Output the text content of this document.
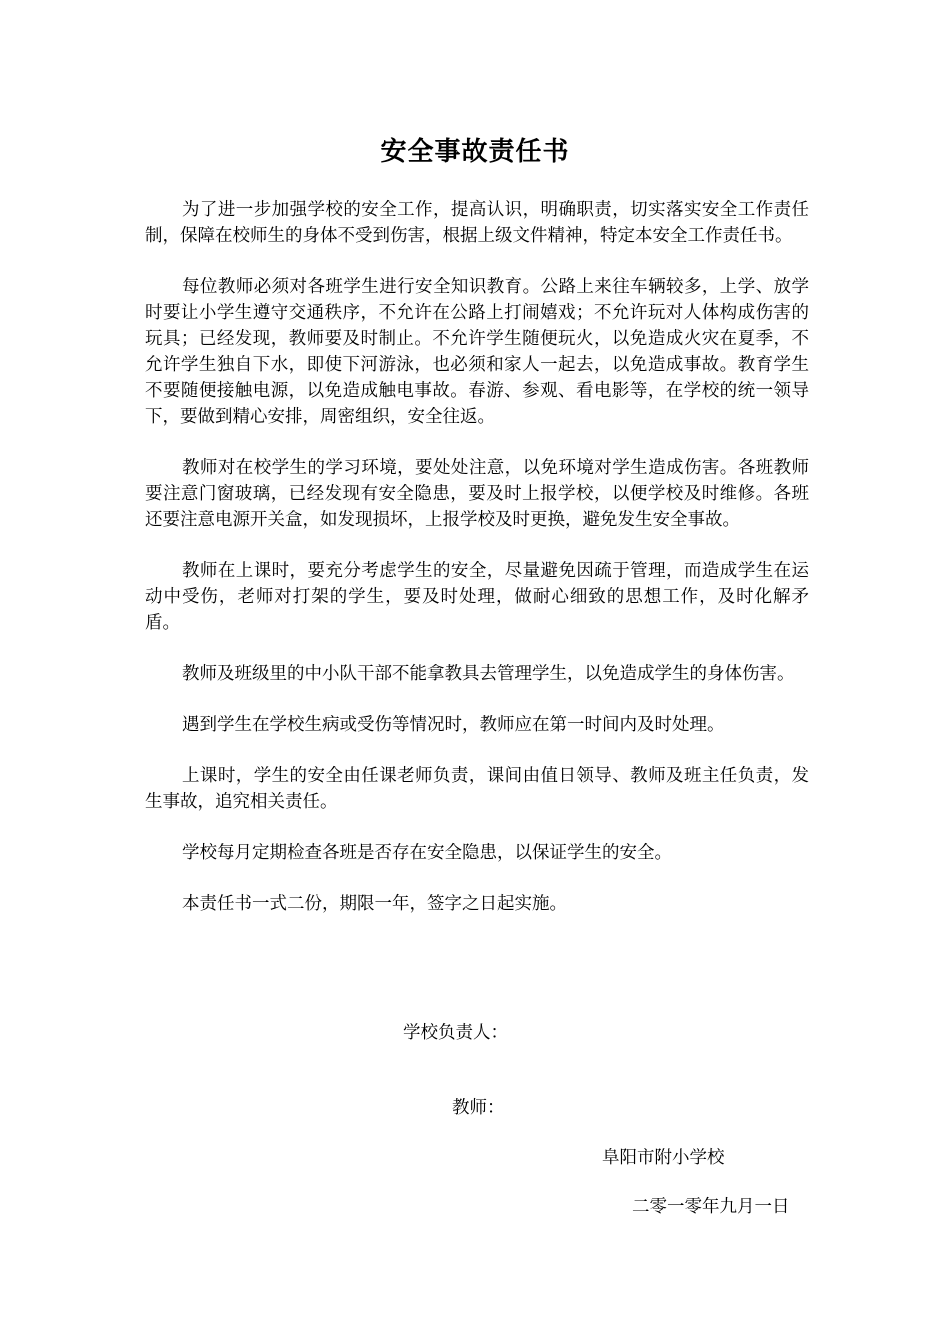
安全事故责任书

为了进一步加强学校的安全工作，提高认识，明确职责，切实落实安全工作责任制，保障在校师生的身体不受到伤害，根据上级文件精神，特定本安全工作责任书。

每位教师必须对各班学生进行安全知识教育。公路上来往车辆较多，上学、放学时要让小学生遵守交通秩序，不允许在公路上打闹嬉戏；不允许玩对人体构成伤害的玩具；已经发现，教师要及时制止。不允许学生随便玩火，以免造成火灾在夏季，不允许学生独自下水，即使下河游泳，也必须和家人一起去，以免造成事故。教育学生不要随便接触电源，以免造成触电事故。春游、参观、看电影等，在学校的统一领导下，要做到精心安排，周密组织，安全往返。

教师对在校学生的学习环境，要处处注意，以免环境对学生造成伤害。各班教师要注意门窗玻璃，已经发现有安全隐患，要及时上报学校，以便学校及时维修。各班还要注意电源开关盒，如发现损坏，上报学校及时更换，避免发生安全事故。

教师在上课时，要充分考虑学生的安全，尽量避免因疏于管理，而造成学生在运动中受伤，老师对打架的学生，要及时处理，做耐心细致的思想工作，及时化解矛盾。

教师及班级里的中小队干部不能拿教具去管理学生，以免造成学生的身体伤害。

遇到学生在学校生病或受伤等情况时，教师应在第一时间内及时处理。

上课时，学生的安全由任课老师负责，课间由值日领导、教师及班主任负责，发生事故，追究相关责任。

学校每月定期检查各班是否存在安全隐患，以保证学生的安全。

本责任书一式二份，期限一年，签字之日起实施。

学校负责人：
教师：
阜阳市附小学校
二零一零年九月一日
